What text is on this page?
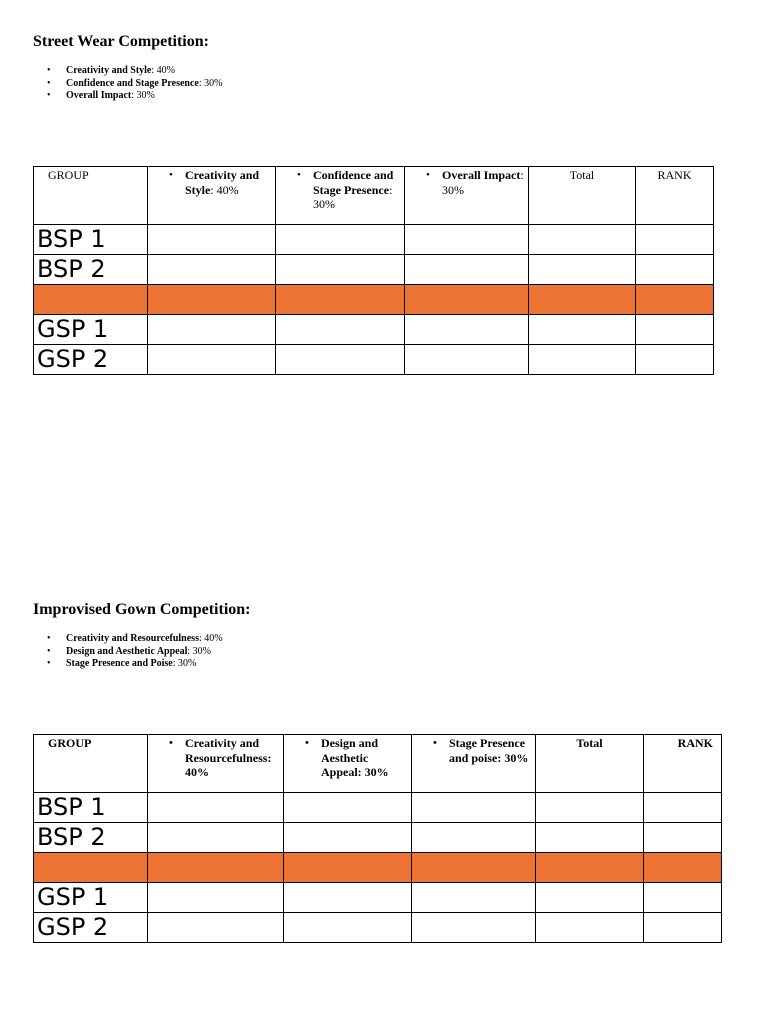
Street Wear Competition:
• Creativity and Style: 40%
• Confidence and Stage Presence: 30%
• Overall Impact: 30%
GROUP	• Creativity and Style: 40%	• Confidence and Stage Presence: 30%	• Overall Impact: 30%	Total	RANK
BSP 1					
BSP 2					

GSP 1					
GSP 2					
Improvised Gown Competition:
• Creativity and Resourcefulness: 40%
• Design and Aesthetic Appeal: 30%
• Stage Presence and Poise: 30%
GROUP	• Creativity and Resourcefulness: 40%	• Design and Aesthetic Appeal: 30%	• Stage Presence and poise: 30%	Total	RANK
BSP 1					
BSP 2					

GSP 1					
GSP 2					
